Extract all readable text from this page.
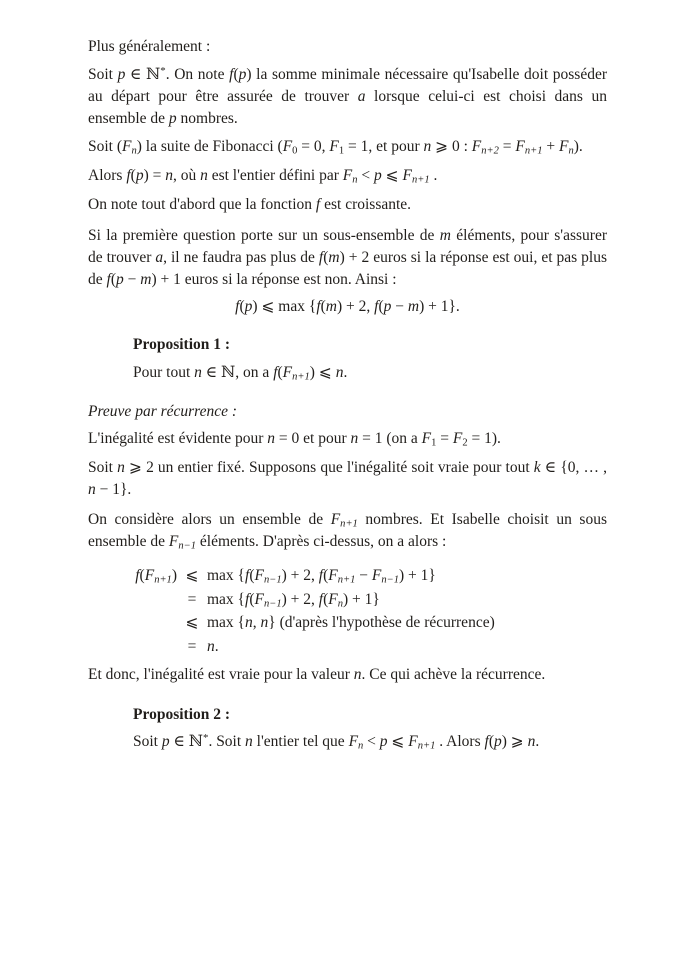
Plus généralement :

Soit p ∈ ℕ*. On note f(p) la somme minimale nécessaire qu'Isabelle doit posséder au départ pour être assurée de trouver a lorsque celui-ci est choisi dans un ensemble de p nombres.

Soit (Fn) la suite de Fibonacci (F0 = 0, F1 = 1, et pour n ⩾ 0 : Fn+2 = Fn+1 + Fn).

Alors f(p) = n, où n est l'entier défini par Fn < p ⩽ Fn+1 .

On note tout d'abord que la fonction f est croissante.

Si la première question porte sur un sous-ensemble de m éléments, pour s'assurer de trouver a, il ne faudra pas plus de f(m) + 2 euros si la réponse est oui, et pas plus de f(p − m) + 1 euros si la réponse est non. Ainsi :

f(p) ⩽ max {f(m) + 2, f(p − m) + 1}.

Proposition 1 :

Pour tout n ∈ ℕ, on a f(Fn+1) ⩽ n.

Preuve par récurrence :

L'inégalité est évidente pour n = 0 et pour n = 1 (on a F1 = F2 = 1).

Soit n ⩾ 2 un entier fixé. Supposons que l'inégalité soit vraie pour tout k ∈ {0, … , n − 1}.

On considère alors un ensemble de Fn+1 nombres. Et Isabelle choisit un sous ensemble de Fn−1 éléments. D'après ci-dessus, on a alors :

f(Fn+1) ⩽ max {f(Fn−1) + 2, f(Fn+1 − Fn−1) + 1}
= max {f(Fn−1) + 2, f(Fn) + 1}
⩽ max {n, n} (d'après l'hypothèse de récurrence)
= n.

Et donc, l'inégalité est vraie pour la valeur n. Ce qui achève la récurrence.

Proposition 2 :

Soit p ∈ ℕ*. Soit n l'entier tel que Fn < p ⩽ Fn+1 . Alors f(p) ⩾ n.
